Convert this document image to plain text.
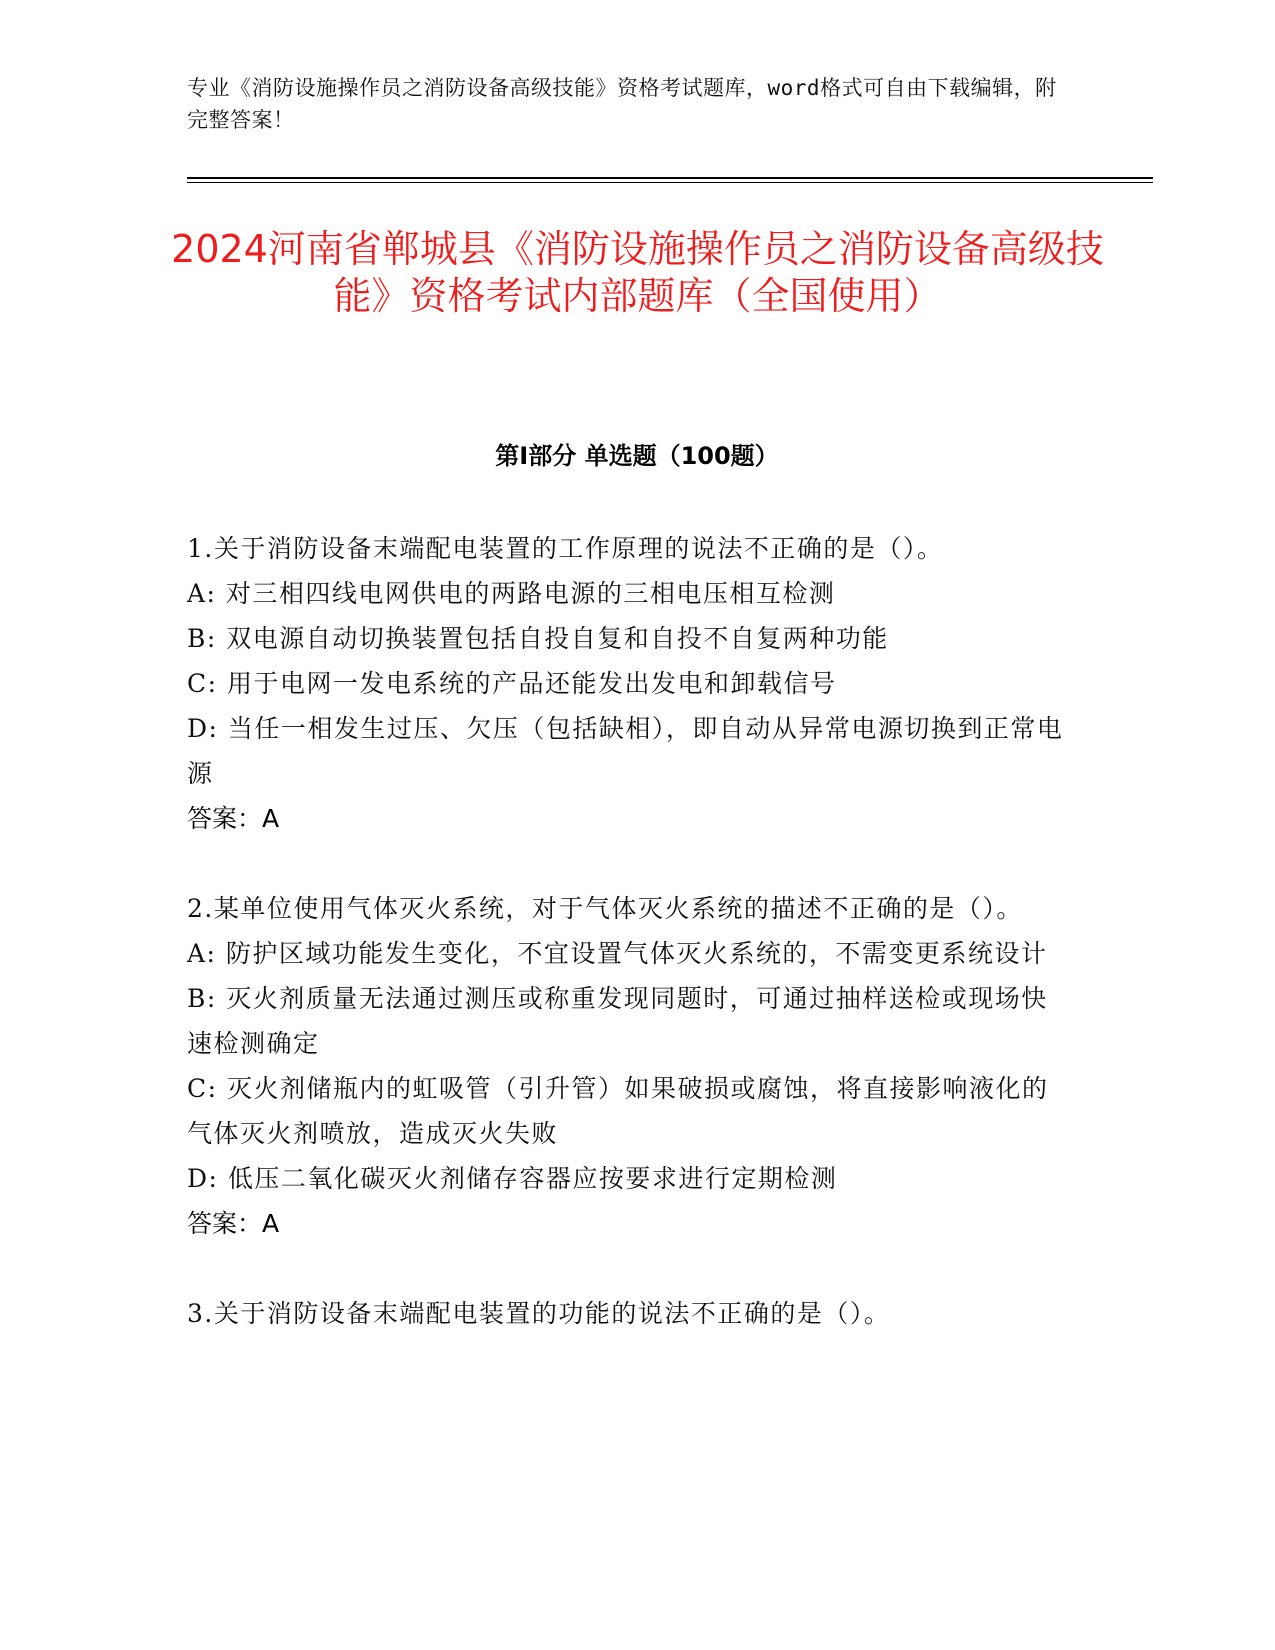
专业《消防设施操作员之消防设备高级技能》资格考试题库，word格式可自由下载编辑，附完整答案！
2024河南省郸城县《消防设施操作员之消防设备高级技能》资格考试内部题库（全国使用）
第I部分 单选题（100题）

1.关于消防设备末端配电装置的工作原理的说法不正确的是（）。

A: 对三相四线电网供电的两路电源的三相电压相互检测

B: 双电源自动切换装置包括自投自复和自投不自复两种功能

C: 用于电网一发电系统的产品还能发出发电和卸载信号

D: 当任一相发生过压、欠压（包括缺相），即自动从异常电源切换到正常电源

答案：A

2.某单位使用气体灭火系统，对于气体灭火系统的描述不正确的是（）。

A: 防护区域功能发生变化，不宜设置气体灭火系统的，不需变更系统设计

B: 灭火剂质量无法通过测压或称重发现同题时，可通过抽样送检或现场快速检测确定

C: 灭火剂储瓶内的虹吸管（引升管）如果破损或腐蚀，将直接影响液化的气体灭火剂喷放，造成灭火失败

D: 低压二氧化碳灭火剂储存容器应按要求进行定期检测

答案：A

3.关于消防设备末端配电装置的功能的说法不正确的是（）。
